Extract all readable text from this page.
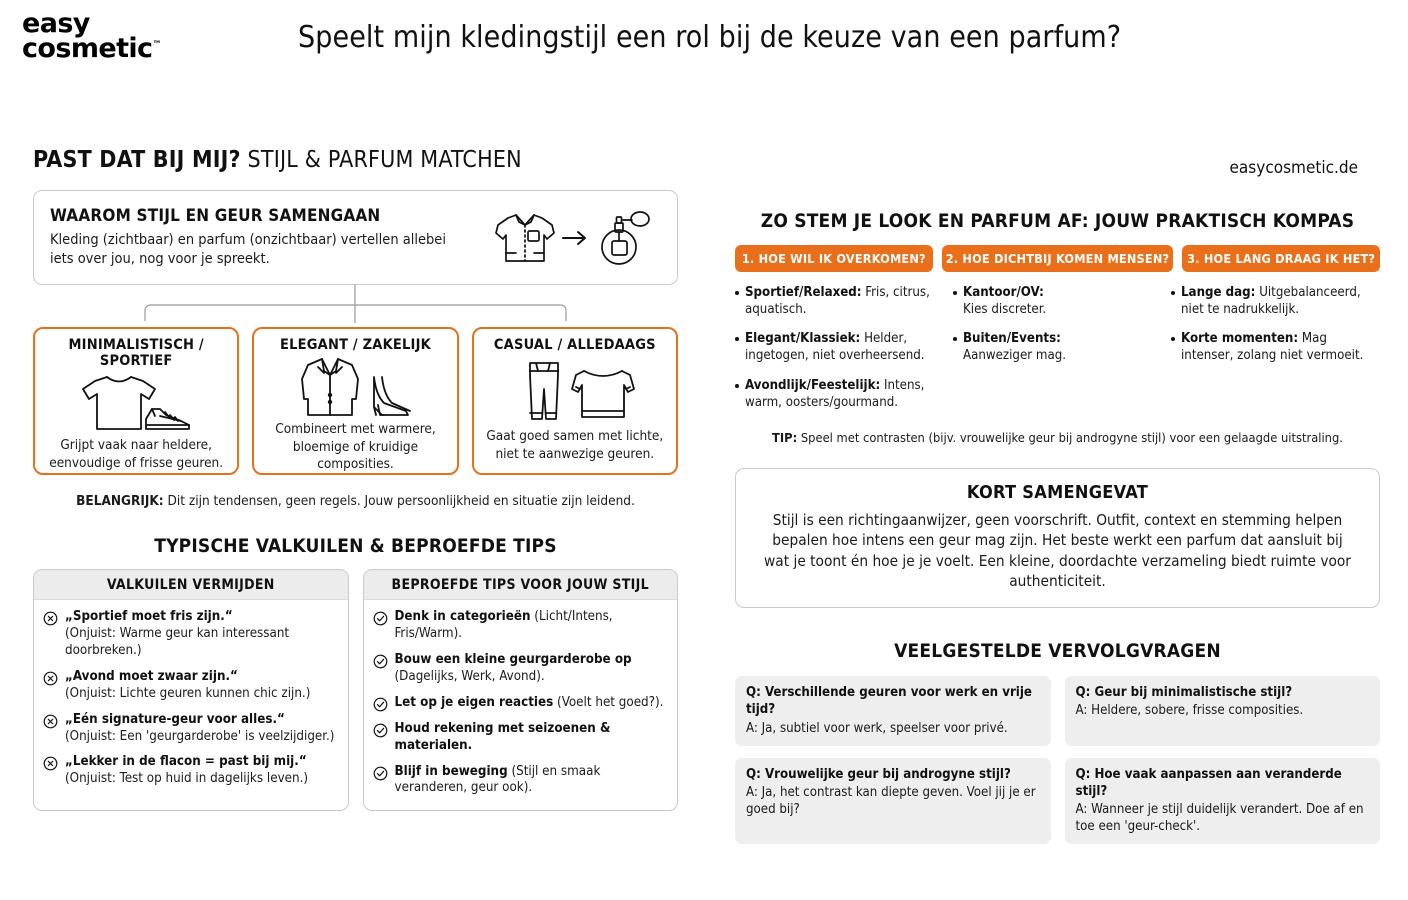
easy
cosmetic™	Speelt mijn kledingstijl een rol bij de keuze van een parfum?
PAST DAT BIJ MIJ? STIJL & PARFUM MATCHEN
WAAROM STIJL EN GEUR SAMENGAAN
Kleding (zichtbaar) en parfum (onzichtbaar) vertellen allebei iets over jou, nog voor je spreekt.
MINIMALISTISCH / SPORTIEF
Grijpt vaak naar heldere, eenvoudige of frisse geuren.
ELEGANT / ZAKELIJK
Combineert met warmere, bloemige of kruidige composities.
CASUAL / ALLEDAAGS
Gaat goed samen met lichte, niet te aanwezige geuren.
BELANGRIJK: Dit zijn tendensen, geen regels. Jouw persoonlijkheid en situatie zijn leidend.
TYPISCHE VALKUILEN & BEPROEFDE TIPS
VALKUILEN VERMIJDEN
„Sportief moet fris zijn.“
(Onjuist: Warme geur kan interessant doorbreken.)
„Avond moet zwaar zijn.“
(Onjuist: Lichte geuren kunnen chic zijn.)
„Eén signature-geur voor alles.“
(Onjuist: Een 'geurgarderobe' is veelzijdiger.)
„Lekker in de flacon = past bij mij.“
(Onjuist: Test op huid in dagelijks leven.)
BEPROEFDE TIPS VOOR JOUW STIJL
Denk in categorieën (Licht/Intens, Fris/Warm).
Bouw een kleine geurgarderobe op
(Dagelijks, Werk, Avond).
Let op je eigen reacties (Voelt het goed?).
Houd rekening met seizoenen & materialen.
Blijf in beweging (Stijl en smaak veranderen, geur ook).
easycosmetic.de
ZO STEM JE LOOK EN PARFUM AF: JOUW PRAKTISCH KOMPAS
1. HOE WIL IK OVERKOMEN?	2. HOE DICHTBIJ KOMEN MENSEN?	3. HOE LANG DRAAG IK HET?
Sportief/Relaxed: Fris, citrus, aquatisch.
Elegant/Klassiek: Helder, ingetogen, niet overheersend.
Avondlijk/Feestelijk: Intens, warm, oosters/gourmand.
Kantoor/OV:
Kies discreter.
Buiten/Events:
Aanweziger mag.
Lange dag: Uitgebalanceerd, niet te nadrukkelijk.
Korte momenten: Mag intenser, zolang niet vermoeit.
TIP: Speel met contrasten (bijv. vrouwelijke geur bij androgyne stijl) voor een gelaagde uitstraling.
KORT SAMENGEVAT
Stijl is een richtingaanwijzer, geen voorschrift. Outfit, context en stemming helpen bepalen hoe intens een geur mag zijn. Het beste werkt een parfum dat aansluit bij wat je toont én hoe je je voelt. Een kleine, doordachte verzameling biedt ruimte voor authenticiteit.
VEELGESTELDE VERVOLGVRAGEN
Q: Verschillende geuren voor werk en vrije tijd?
A: Ja, subtiel voor werk, speelser voor privé.
Q: Geur bij minimalistische stijl?
A: Heldere, sobere, frisse composities.
Q: Vrouwelijke geur bij androgyne stijl?
A: Ja, het contrast kan diepte geven. Voel jij je er goed bij?
Q: Hoe vaak aanpassen aan veranderde stijl?
A: Wanneer je stijl duidelijk verandert. Doe af en toe een 'geur-check'.
